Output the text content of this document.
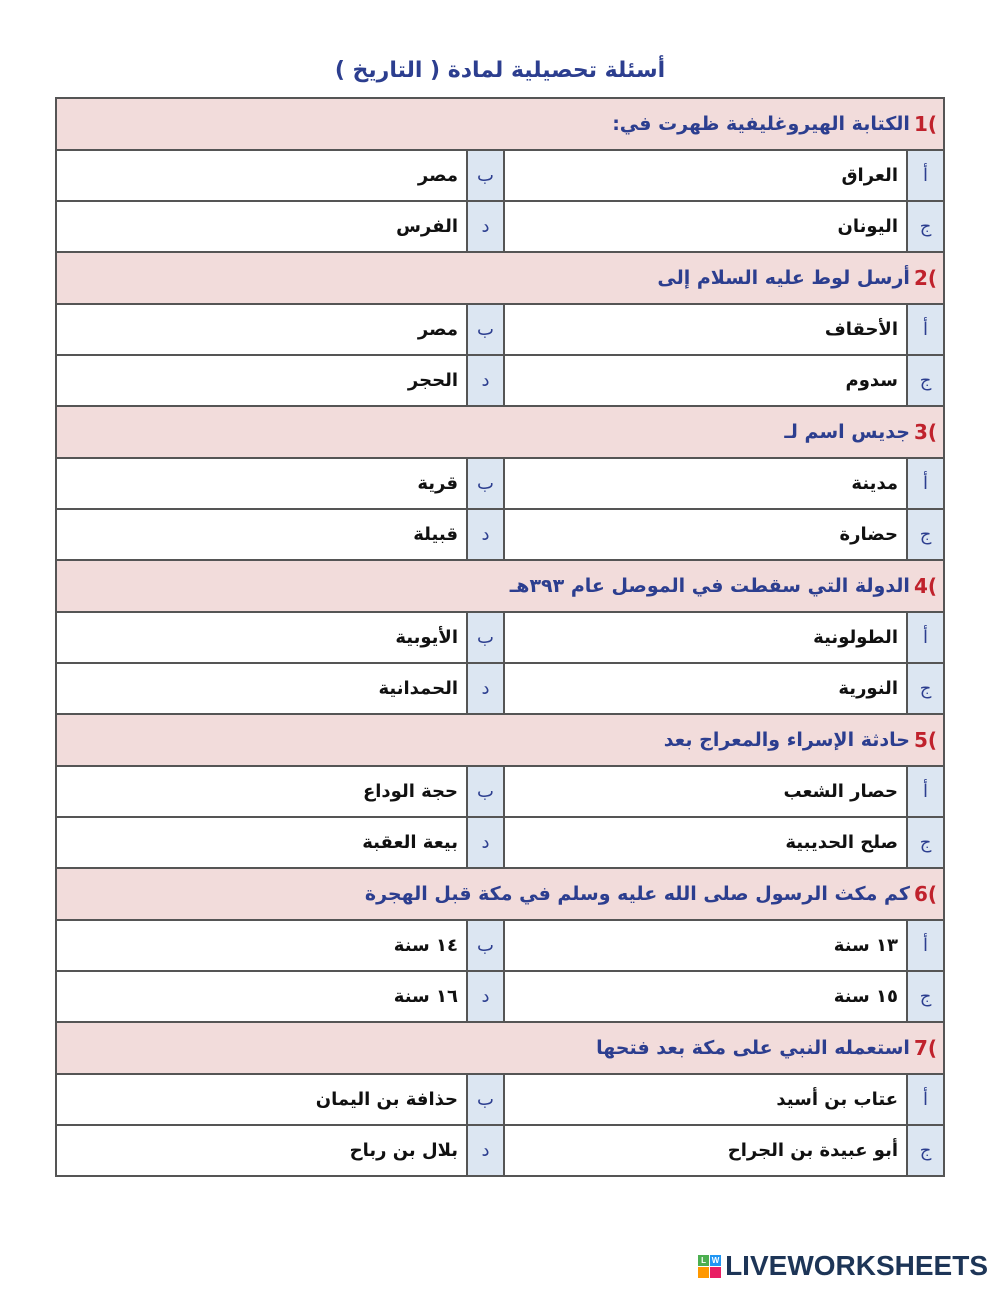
أسئلة تحصيلية لمادة ( التاريخ )
1(
الكتابة الهيروغليفية ظهرت في:
أ
العراق
ب
مصر
ج
اليونان
د
الفرس
2(
أرسل لوط عليه السلام إلى
أ
الأحقاف
ب
مصر
ج
سدوم
د
الحجر
3(
جديس اسم لـ
أ
مدينة
ب
قرية
ج
حضارة
د
قبيلة
4(
الدولة التي سقطت في الموصل عام ٣٩٣هـ
أ
الطولونية
ب
الأيوبية
ج
النورية
د
الحمدانية
5(
حادثة الإسراء والمعراج بعد
أ
حصار الشعب
ب
حجة الوداع
ج
صلح الحديبية
د
بيعة العقبة
6(
كم مكث الرسول صلى الله عليه وسلم في مكة قبل الهجرة
أ
١٣ سنة
ب
١٤ سنة
ج
١٥ سنة
د
١٦ سنة
7(
استعمله النبي على مكة بعد فتحها
أ
عتاب بن أسيد
ب
حذافة بن اليمان
ج
أبو عبيدة بن الجراح
د
بلال بن رباح
L W LIVEWORKSHEETS
